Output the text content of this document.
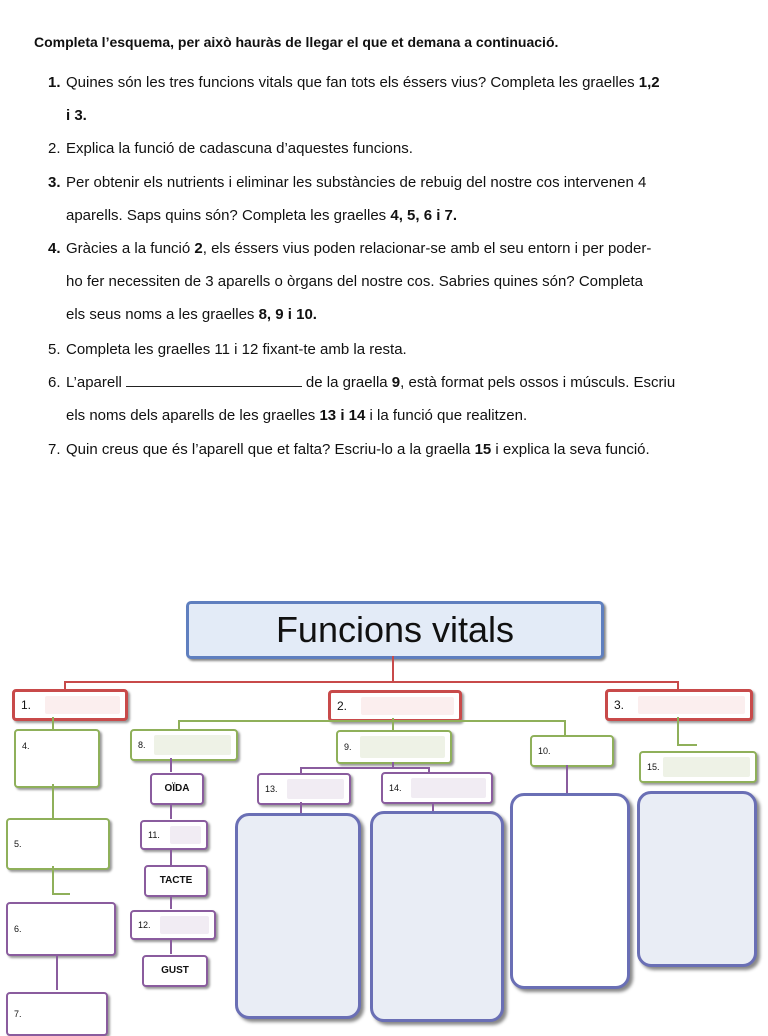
Completa l’esquema, per això hauràs de llegar el que et demana a continuació.
1. Quines són les tres funcions vitals que fan tots els éssers vius? Completa les graelles 1,2
i 3.
2. Explica la funció de cadascuna d’aquestes funcions.
3. Per obtenir els nutrients i eliminar les substàncies de rebuig del nostre cos intervenen 4
aparells. Saps quins són? Completa les graelles 4, 5, 6 i 7.
4. Gràcies a la funció 2, els éssers vius poden relacionar-se amb el seu entorn i per poder-
ho fer necessiten de 3 aparells o òrgans del nostre cos. Sabries quines són? Completa
els seus noms a les graelles 8, 9 i 10.
5. Completa les graelles 11 i 12 fixant-te amb la resta.
6. L’aparell	de la graella 9, està format pels ossos i músculs. Escriu
els noms dels aparells de les graelles 13 i 14 i la funció que realitzen.
7. Quin creus que és l’aparell que et falta? Escriu-lo a la graella 15 i explica la seva funció.
Funcions vitals
1.	2.	3.
4.	8.	9.	10.
15.
5.
6.
7.
OÏDA
11.
TACTE
12.
GUST
13.	14.
